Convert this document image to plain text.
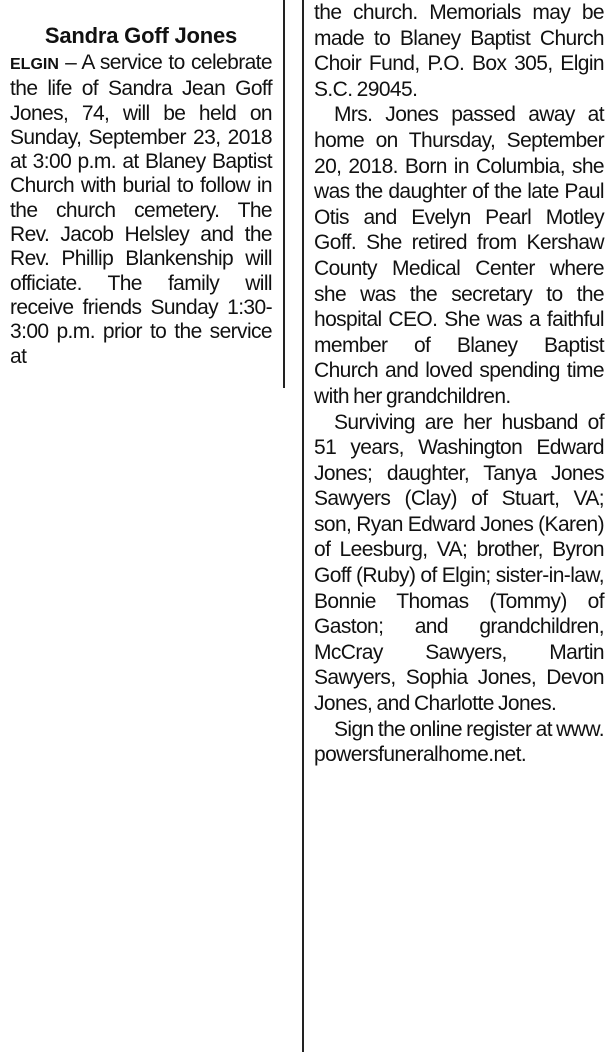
Sandra Goff Jones

ELGIN – A service to celebrate the life of Sandra Jean Goff Jones, 74, will be held on Sunday, September 23, 2018 at 3:00 p.m. at Blaney Baptist Church with burial to follow in the church cemetery. The Rev. Jacob Helsley and the Rev. Phillip Blankenship will officiate. The family will receive friends Sunday 1:30-3:00 p.m. prior to the service at

the church. Memorials may be made to Blaney Baptist Church Choir Fund, P.O. Box 305, Elgin S.C. 29045.

Mrs. Jones passed away at home on Thursday, September 20, 2018. Born in Columbia, she was the daughter of the late Paul Otis and Evelyn Pearl Motley Goff. She retired from Kershaw County Medical Center where she was the secretary to the hospital CEO. She was a faithful member of Blaney Baptist Church and loved spending time with her grandchildren.

Surviving are her husband of 51 years, Washington Edward Jones; daughter, Tanya Jones Sawyers (Clay) of Stuart, VA; son, Ryan Edward Jones (Karen) of Leesburg, VA; brother, Byron Goff (Ruby) of Elgin; sister-in-law, Bonnie Thomas (Tommy) of Gaston; and grandchildren, McCray Sawyers, Martin Sawyers, Sophia Jones, Devon Jones, and Charlotte Jones.

Sign the online register at www.powersfuneralhome.net.
